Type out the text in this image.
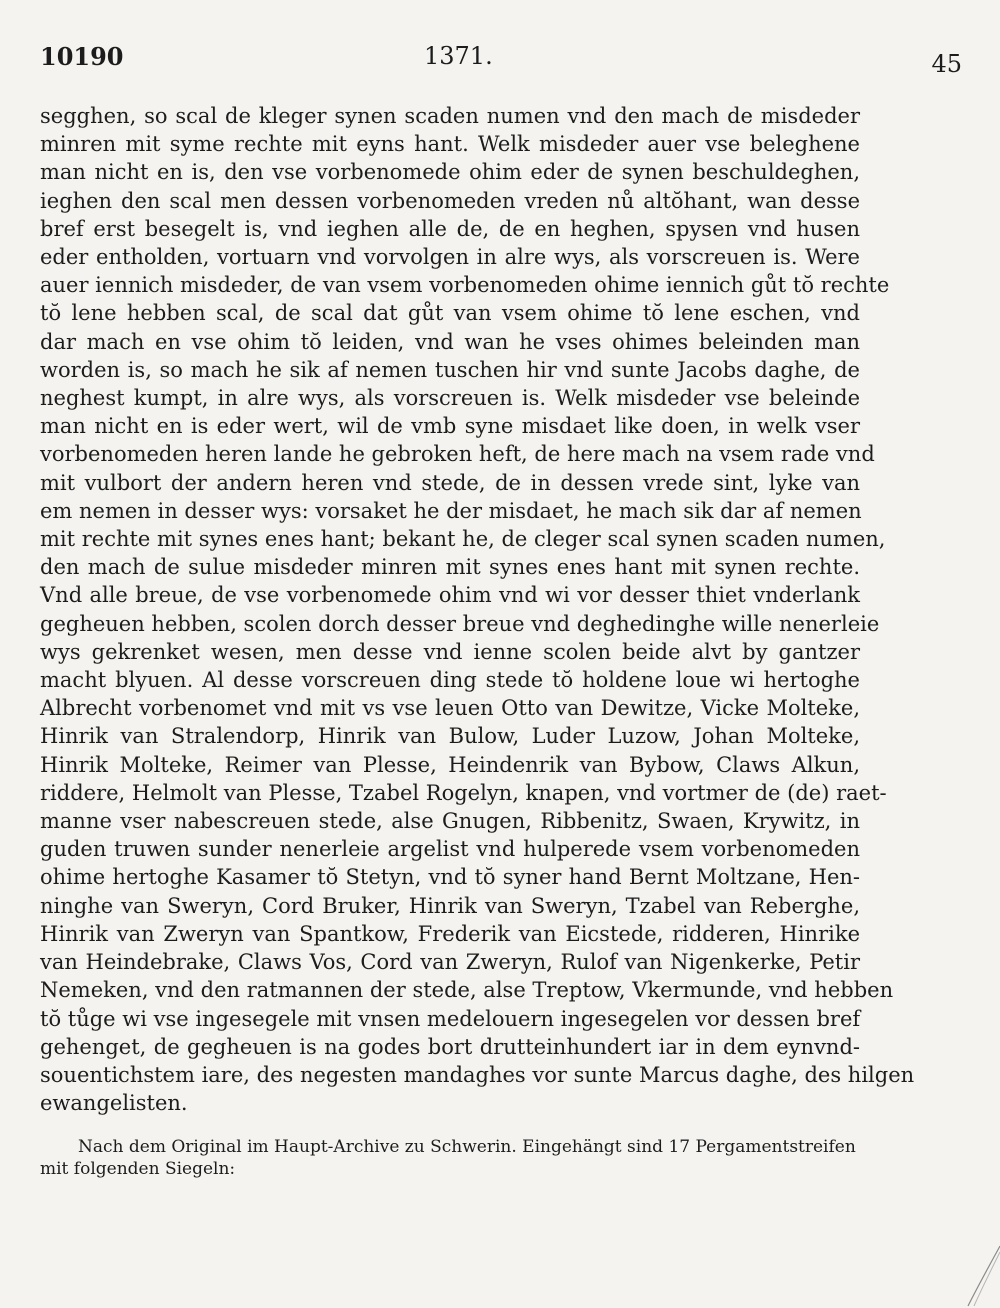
10190	1371.	45
segghen, so scal de kleger synen scaden numen vnd den mach de misdeder
minren mit syme rechte mit eyns hant. Welk misdeder auer vse beleghene
man nicht en is, den vse vorbenomede ohim eder de synen beschuldeghen,
ieghen den scal men dessen vorbenomeden vreden nů altŏhant, wan desse
bref erst besegelt is, vnd ieghen alle de, de en heghen, spysen vnd husen
eder entholden, vortuarn vnd vorvolgen in alre wys, als vorscreuen is. Were
auer iennich misdeder, de van vsem vorbenomeden ohime iennich gůt tŏ rechte
tŏ lene hebben scal, de scal dat gůt van vsem ohime tŏ lene eschen, vnd
dar mach en vse ohim tŏ leiden, vnd wan he vses ohimes beleinden man
worden is, so mach he sik af nemen tuschen hir vnd sunte Jacobs daghe, de
neghest kumpt, in alre wys, als vorscreuen is. Welk misdeder vse beleinde
man nicht en is eder wert, wil de vmb syne misdaet like doen, in welk vser
vorbenomeden heren lande he gebroken heft, de here mach na vsem rade vnd
mit vulbort der andern heren vnd stede, de in dessen vrede sint, lyke van
em nemen in desser wys: vorsaket he der misdaet, he mach sik dar af nemen
mit rechte mit synes enes hant; bekant he, de cleger scal synen scaden numen,
den mach de sulue misdeder minren mit synes enes hant mit synen rechte.
Vnd alle breue, de vse vorbenomede ohim vnd wi vor desser thiet vnderlank
gegheuen hebben, scolen dorch desser breue vnd deghedinghe wille nenerleie
wys gekrenket wesen, men desse vnd ienne scolen beide alvt by gantzer
macht blyuen. Al desse vorscreuen ding stede tŏ holdene loue wi hertoghe
Albrecht vorbenomet vnd mit vs vse leuen Otto van Dewitze, Vicke Molteke,
Hinrik van Stralendorp, Hinrik van Bulow, Luder Luzow, Johan Molteke,
Hinrik Molteke, Reimer van Plesse, Heindenrik van Bybow, Claws Alkun,
riddere, Helmolt van Plesse, Tzabel Rogelyn, knapen, vnd vortmer de (de) raet-
manne vser nabescreuen stede, alse Gnugen, Ribbenitz, Swaen, Krywitz, in
guden truwen sunder nenerleie argelist vnd hulperede vsem vorbenomeden
ohime hertoghe Kasamer tŏ Stetyn, vnd tŏ syner hand Bernt Moltzane, Hen-
ninghe van Sweryn, Cord Bruker, Hinrik van Sweryn, Tzabel van Reberghe,
Hinrik van Zweryn van Spantkow, Frederik van Eicstede, ridderen, Hinrike
van Heindebrake, Claws Vos, Cord van Zweryn, Rulof van Nigenkerke, Petir
Nemeken, vnd den ratmannen der stede, alse Treptow, Vkermunde, vnd hebben
tŏ tůge wi vse ingesegele mit vnsen medelouern ingesegelen vor dessen bref
gehenget, de gegheuen is na godes bort drutteinhundert iar in dem eynvnd-
souentichstem iare, des negesten mandaghes vor sunte Marcus daghe, des hilgen
ewangelisten.
Nach dem Original im Haupt-Archive zu Schwerin. Eingehängt sind 17 Pergamentstreifen
mit folgenden Siegeln:
